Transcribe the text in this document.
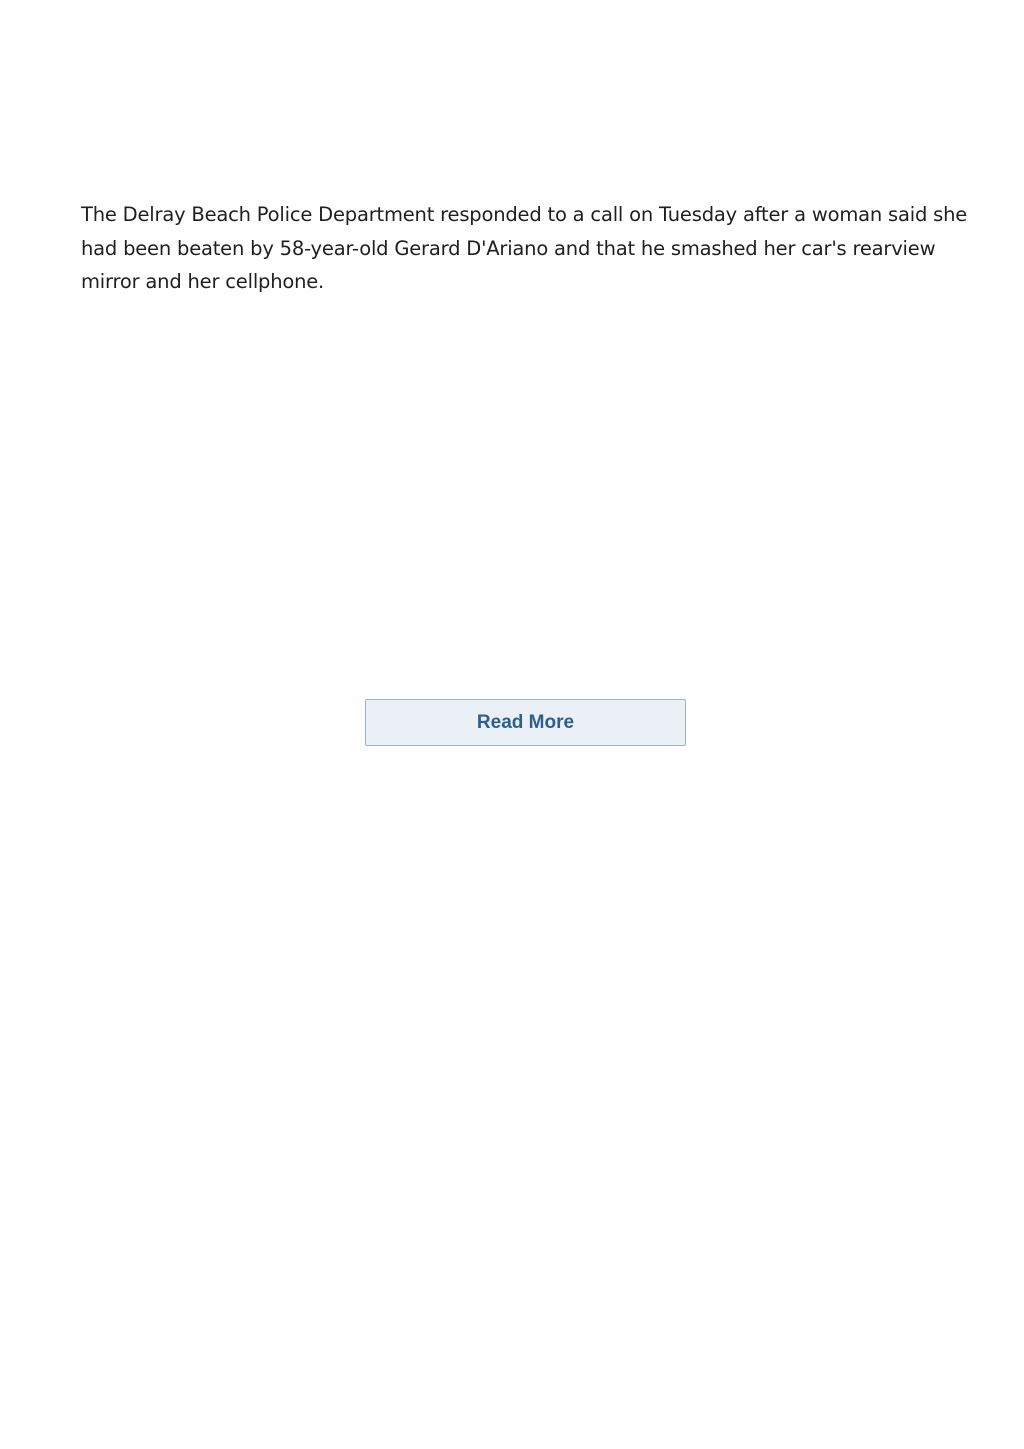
The Delray Beach Police Department responded to a call on Tuesday after a woman said she had been beaten by 58-year-old Gerard D'Ariano and that he smashed her car's rearview mirror and her cellphone.

Read More
